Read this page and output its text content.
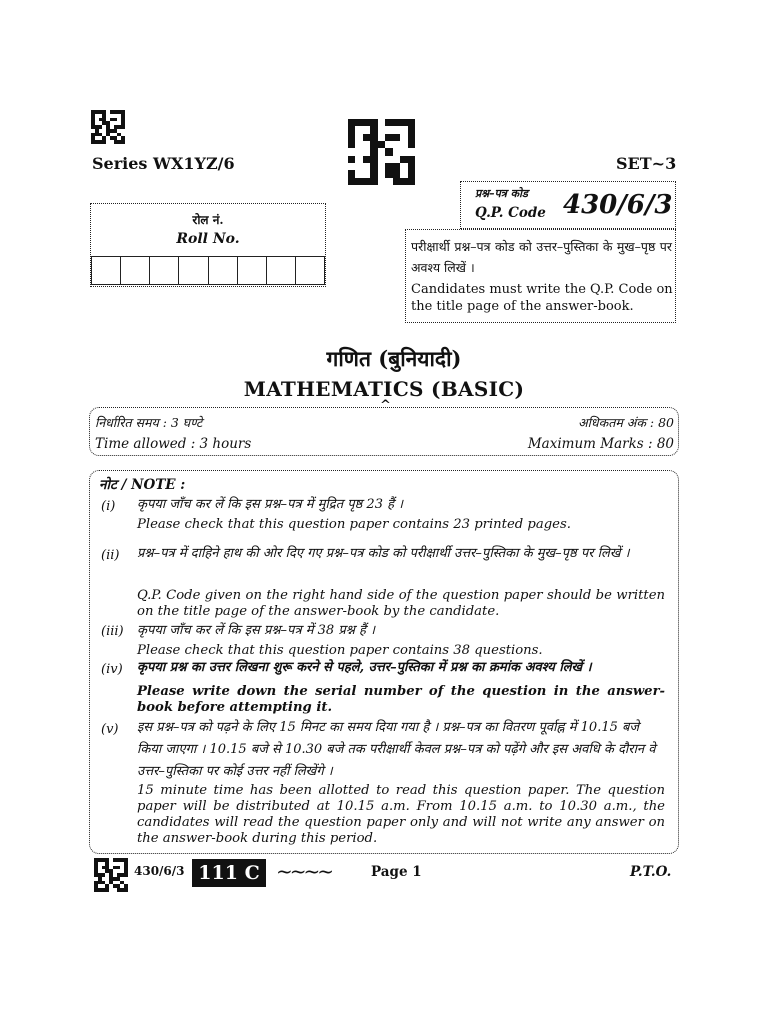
Series WX1YZ/6	SET~3
रोल नं.
Roll No.
प्रश्न–पत्र कोड
Q.P. Code 430/6/3
परीक्षार्थी प्रश्न–पत्र कोड को उत्तर–पुस्तिका के मुख–पृष्ठ पर अवश्य लिखें ।
Candidates must write the Q.P. Code on the title page of the answer-book.
गणित (बुनियादी)
MATHEMATICS (BASIC)
^
निर्धारित समय : 3 घण्टे
Time allowed : 3 hours
अधिकतम अंक : 80
Maximum Marks : 80
नोट / NOTE :
(i) कृपया जाँच कर लें कि इस प्रश्न–पत्र में मुद्रित पृष्ठ 23 हैं ।
Please check that this question paper contains 23 printed pages.
(ii) प्रश्न–पत्र में दाहिने हाथ की ओर दिए गए प्रश्न–पत्र कोड को परीक्षार्थी उत्तर–पुस्तिका के मुख–पृष्ठ पर लिखें ।
Q.P. Code given on the right hand side of the question paper should be written on the title page of the answer-book by the candidate.
(iii) कृपया जाँच कर लें कि इस प्रश्न–पत्र में 38 प्रश्न हैं ।
Please check that this question paper contains 38 questions.
(iv) कृपया प्रश्न का उत्तर लिखना शुरू करने से पहले, उत्तर–पुस्तिका में प्रश्न का क्रमांक अवश्य लिखें ।
Please write down the serial number of the question in the answer-book before attempting it.
(v) इस प्रश्न–पत्र को पढ़ने के लिए 15 मिनट का समय दिया गया है । प्रश्न–पत्र का वितरण पूर्वाह्न में 10.15 बजे किया जाएगा । 10.15 बजे से 10.30 बजे तक परीक्षार्थी केवल प्रश्न–पत्र को पढ़ेंगे और इस अवधि के दौरान वे उत्तर–पुस्तिका पर कोई उत्तर नहीं लिखेंगे ।
15 minute time has been allotted to read this question paper. The question paper will be distributed at 10.15 a.m. From 10.15 a.m. to 10.30 a.m., the candidates will read the question paper only and will not write any answer on the answer-book during this period.
430/6/3 111 C ~~~~	Page 1	P.T.O.
